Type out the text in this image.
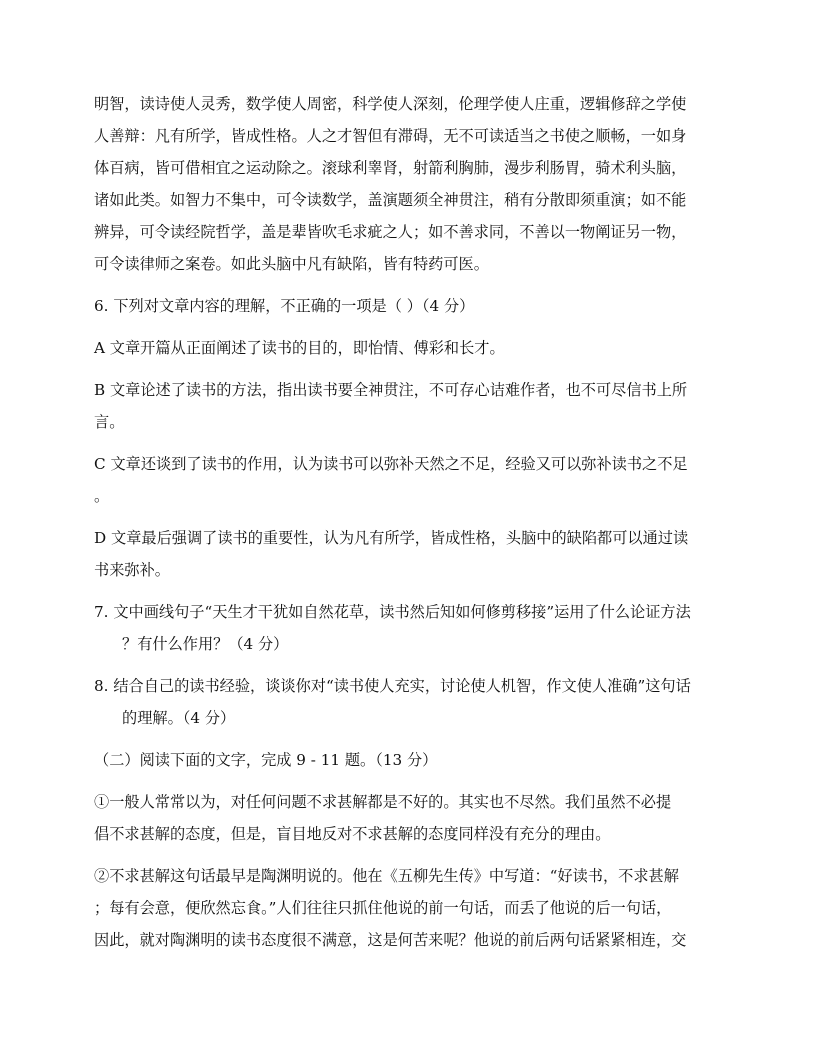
明智，读诗使人灵秀，数学使人周密，科学使人深刻，伦理学使人庄重，逻辑修辞之学使
人善辩：凡有所学，皆成性格。人之才智但有滞碍，无不可读适当之书使之顺畅，一如身
体百病，皆可借相宜之运动除之。滚球利睾肾，射箭利胸肺，漫步利肠胃，骑术利头脑，
诸如此类。如智力不集中，可令读数学，盖演题须全神贯注，稍有分散即须重演；如不能
辨异，可令读经院哲学，盖是辈皆吹毛求疵之人；如不善求同，不善以一物阐证另一物，
可令读律师之案卷。如此头脑中凡有缺陷，皆有特药可医。

6. 下列对文章内容的理解，不正确的一项是（ ）（4 分）

A 文章开篇从正面阐述了读书的目的，即怡情、傅彩和长才。

B 文章论述了读书的方法，指出读书要全神贯注，不可存心诘难作者，也不可尽信书上所
言。

C 文章还谈到了读书的作用，认为读书可以弥补天然之不足，经验又可以弥补读书之不足
。

D 文章最后强调了读书的重要性，认为凡有所学，皆成性格，头脑中的缺陷都可以通过读
书来弥补。

7. 文中画线句子“天生才干犹如自然花草，读书然后知如何修剪移接”运用了什么论证方法
？有什么作用？（4 分）

8. 结合自己的读书经验，谈谈你对“读书使人充实，讨论使人机智，作文使人准确”这句话
的理解。（4 分）

（二）阅读下面的文字，完成 9 - 11 题。（13 分）

①一般人常常以为，对任何问题不求甚解都是不好的。其实也不尽然。我们虽然不必提
倡不求甚解的态度，但是，盲目地反对不求甚解的态度同样没有充分的理由。

②不求甚解这句话最早是陶渊明说的。他在《五柳先生传》中写道：“好读书，不求甚解
；每有会意，便欣然忘食。”人们往往只抓住他说的前一句话，而丢了他说的后一句话，
因此，就对陶渊明的读书态度很不满意，这是何苦来呢？他说的前后两句话紧紧相连，交
